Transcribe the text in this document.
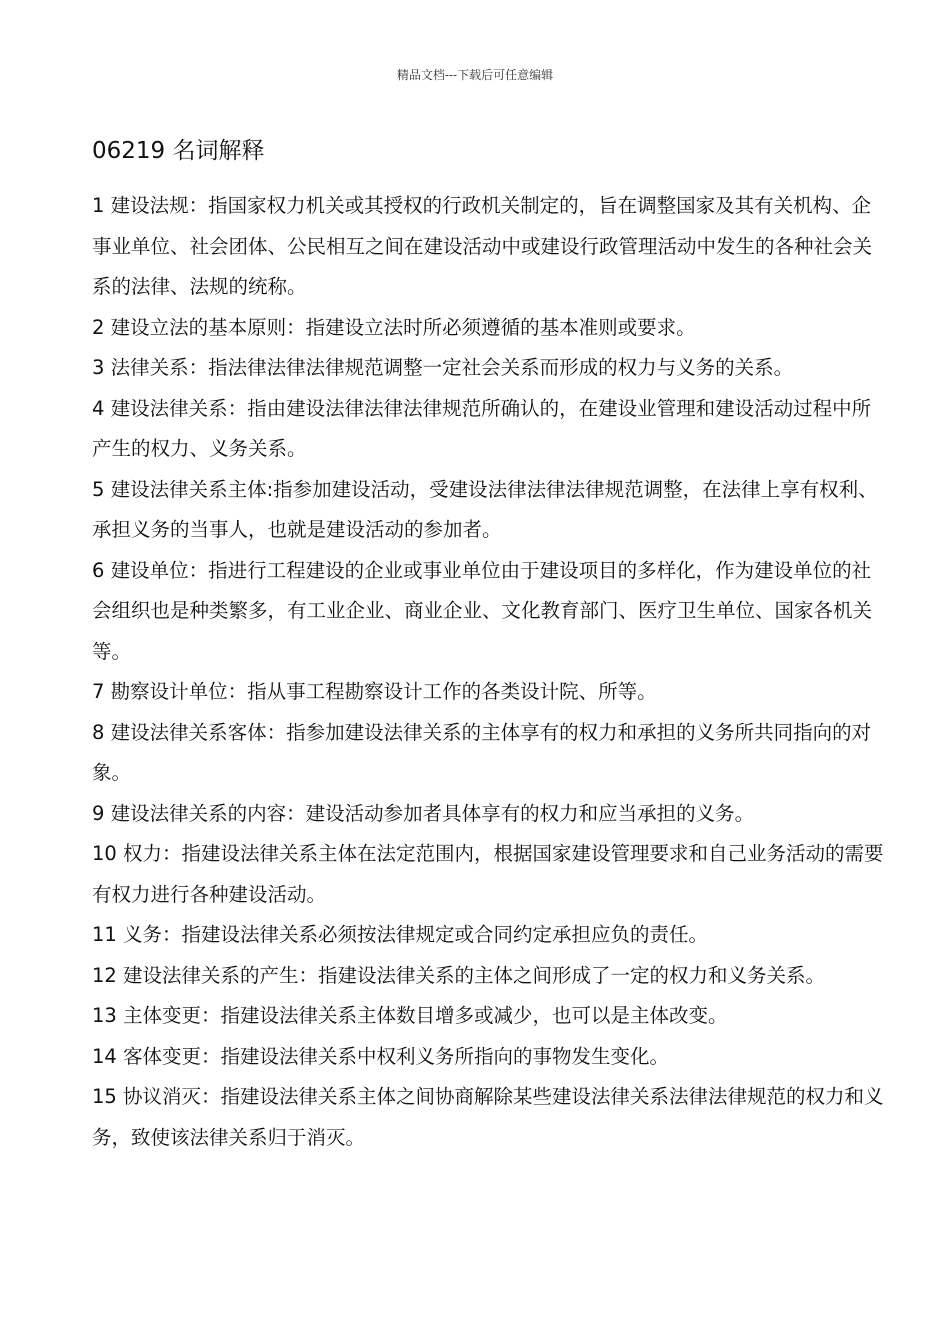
精品文档---下载后可任意编辑
06219 名词解释

1 建设法规：指国家权力机关或其授权的行政机关制定的，旨在调整国家及其有关机构、企事业单位、社会团体、公民相互之间在建设活动中或建设行政管理活动中发生的各种社会关系的法律、法规的统称。

2 建设立法的基本原则：指建设立法时所必须遵循的基本准则或要求。

3 法律关系：指法律法律法律规范调整一定社会关系而形成的权力与义务的关系。

4 建设法律关系：指由建设法律法律法律规范所确认的，在建设业管理和建设活动过程中所产生的权力、义务关系。

5 建设法律关系主体:指参加建设活动，受建设法律法律法律规范调整，在法律上享有权利、承担义务的当事人，也就是建设活动的参加者。

6 建设单位：指进行工程建设的企业或事业单位由于建设项目的多样化，作为建设单位的社会组织也是种类繁多，有工业企业、商业企业、文化教育部门、医疗卫生单位、国家各机关等。

7 勘察设计单位：指从事工程勘察设计工作的各类设计院、所等。

8 建设法律关系客体：指参加建设法律关系的主体享有的权力和承担的义务所共同指向的对象。

9 建设法律关系的内容：建设活动参加者具体享有的权力和应当承担的义务。

10 权力：指建设法律关系主体在法定范围内，根据国家建设管理要求和自己业务活动的需要有权力进行各种建设活动。

11 义务：指建设法律关系必须按法律规定或合同约定承担应负的责任。

12 建设法律关系的产生：指建设法律关系的主体之间形成了一定的权力和义务关系。

13 主体变更：指建设法律关系主体数目增多或减少，也可以是主体改变。

14 客体变更：指建设法律关系中权利义务所指向的事物发生变化。

15 协议消灭：指建设法律关系主体之间协商解除某些建设法律关系法律法律规范的权力和义务，致使该法律关系归于消灭。
